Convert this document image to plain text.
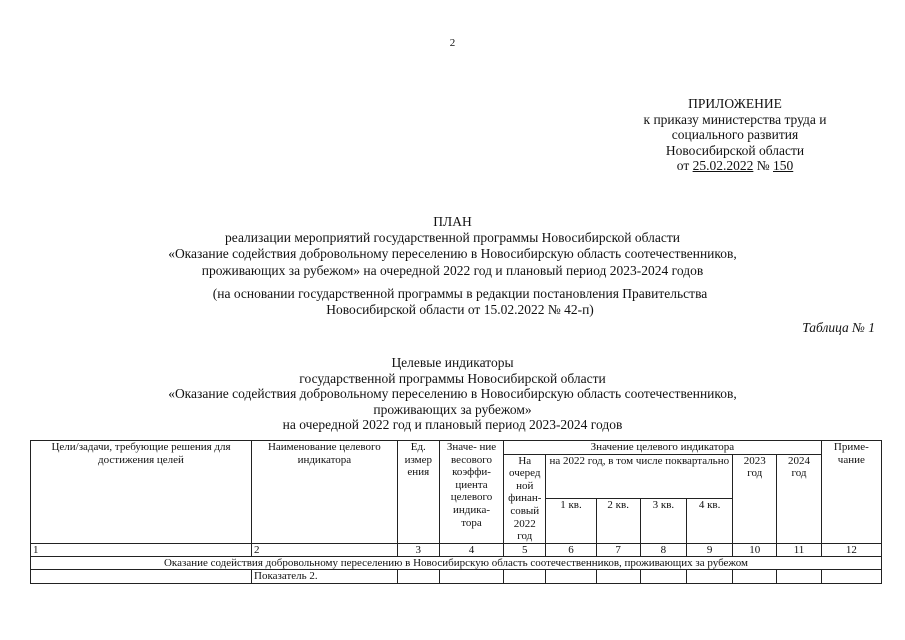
2
ПРИЛОЖЕНИЕ
к приказу министерства труда и
социального развития
Новосибирской области
от 25.02.2022 № 150
ПЛАН
реализации мероприятий государственной программы Новосибирской области
«Оказание содействия добровольному переселению в Новосибирскую область соотечественников,
проживающих за рубежом» на очередной 2022 год и плановый период 2023-2024 годов
(на основании государственной программы в редакции постановления Правительства
Новосибирской области от 15.02.2022 № 42-п)
Таблица № 1
Целевые индикаторы
государственной программы Новосибирской области
«Оказание содействия добровольному переселению в Новосибирскую область соотечественников,
проживающих за рубежом»
на очередной 2022 год и плановый период 2023-2024 годов
Цели/задачи, требующие решения для достижения целей	Наименование целевого индикатора	Ед. измер ения	Значе- ние весового коэффи- циента целевого индика- тора	Значение целевого индикатора							Приме- чание
				На очеред ной финан- совый 2022 год	на 2022 год, в том числе поквартально				2023 год	2024 год	
					1 кв.	2 кв.	3 кв.	4 кв.			
1	2	3	4	5	6	7	8	9	10	11	12
Оказание содействия добровольному переселению в Новосибирскую область соотечественников, проживающих за рубежом											
	Показатель 2.										
